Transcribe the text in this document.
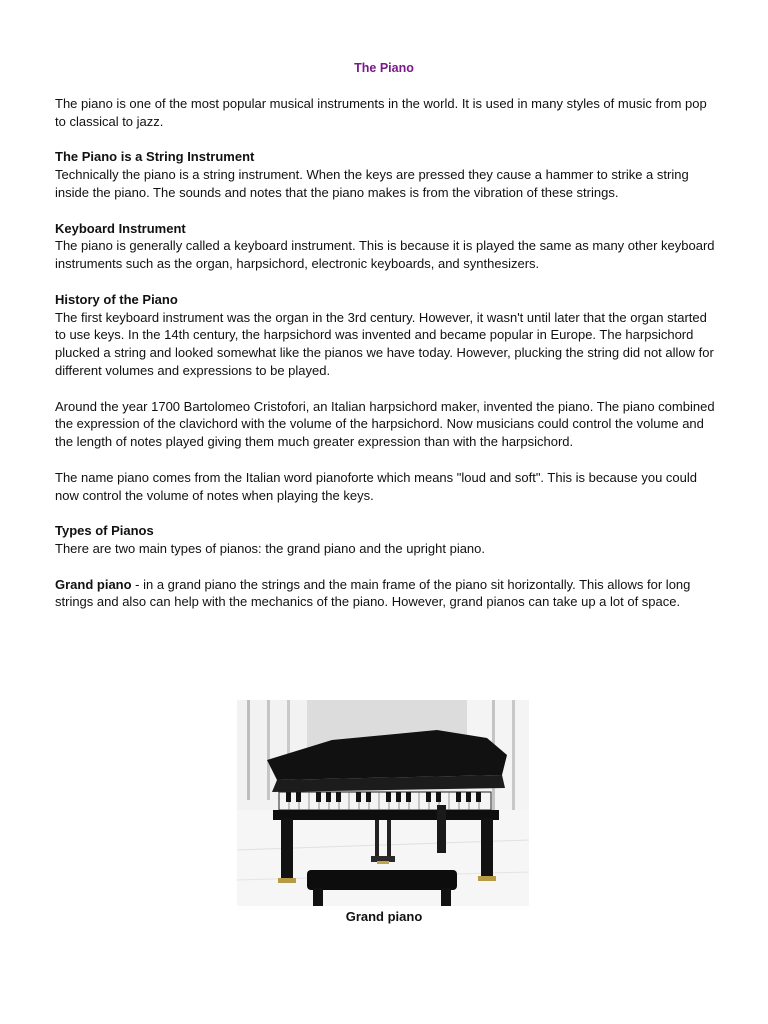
The Piano

The piano is one of the most popular musical instruments in the world. It is used in many styles of music from pop to classical to jazz.

The Piano is a String Instrument

Technically the piano is a string instrument. When the keys are pressed they cause a hammer to strike a string inside the piano. The sounds and notes that the piano makes is from the vibration of these strings.

Keyboard Instrument

The piano is generally called a keyboard instrument. This is because it is played the same as many other keyboard instruments such as the organ, harpsichord, electronic keyboards, and synthesizers.

History of the Piano

The first keyboard instrument was the organ in the 3rd century. However, it wasn't until later that the organ started to use keys. In the 14th century, the harpsichord was invented and became popular in Europe. The harpsichord plucked a string and looked somewhat like the pianos we have today. However, plucking the string did not allow for different volumes and expressions to be played.

Around the year 1700 Bartolomeo Cristofori, an Italian harpsichord maker, invented the piano. The piano combined the expression of the clavichord with the volume of the harpsichord. Now musicians could control the volume and the length of notes played giving them much greater expression than with the harpsichord.

The name piano comes from the Italian word pianoforte which means "loud and soft". This is because you could now control the volume of notes when playing the keys.

Types of Pianos

There are two main types of pianos: the grand piano and the upright piano.

Grand piano - in a grand piano the strings and the main frame of the piano sit horizontally. This allows for long strings and also can help with the mechanics of the piano. However, grand pianos can take up a lot of space.

Grand piano
